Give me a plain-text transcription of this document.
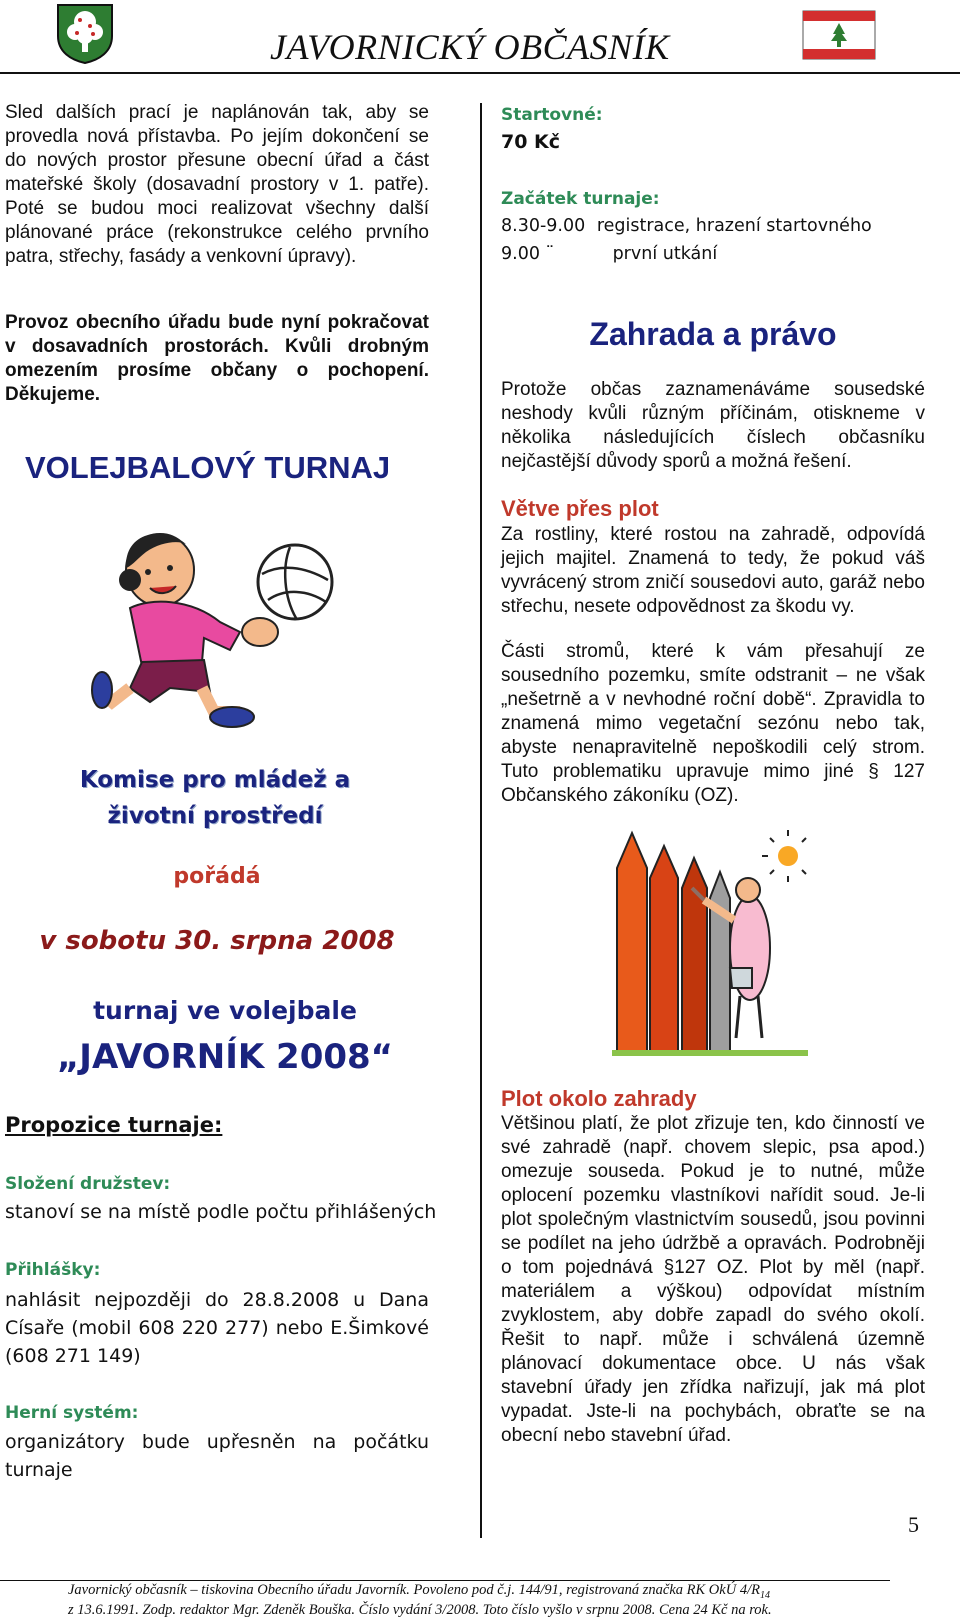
JAVORNICKÝ OBČASNÍK

Sled dalších prací je naplánován tak, aby se provedla nová přístavba. Po jejím dokončení se do nových prostor přesune obecní úřad a část mateřské školy (dosavadní prostory v 1. patře). Poté se budou moci realizovat všechny další plánované práce (rekonstrukce celého prvního patra, střechy, fasády a venkovní úpravy).

Provoz obecního úřadu bude nyní pokračovat v dosavadních prostorách. Kvůli drobným omezením prosíme občany o pochopení. Děkujeme.

VOLEJBALOVÝ TURNAJ
Komise pro mládež a životní prostředí
pořádá
v sobotu 30. srpna 2008
turnaj ve volejbale
„JAVORNÍK 2008“
Propozice turnaje:
Složení družstev:
stanoví se na místě podle počtu přihlášených
Přihlášky:

nahlásit nejpozději do 28.8.2008 u Dana Císaře (mobil 608 220 277) nebo E.Šimkové (608 271 149)

Herní systém:

organizátory bude upřesněn na počátku turnaje

Startovné:
70 Kč
Začátek turnaje:
8.30-9.00 registrace, hrazení startovného
9.00 ¨	první utkání
Zahrada a právo

Protože občas zaznamenáváme sousedské neshody kvůli různým příčinám, otiskneme v několika následujících číslech občasníku nejčastější důvody sporů a možná řešení.

Větve přes plot

Za rostliny, které rostou na zahradě, odpovídá jejich majitel. Znamená to tedy, že pokud váš vyvrácený strom zničí sousedovi auto, garáž nebo střechu, nesete odpovědnost za škodu vy.

Části stromů, které k vám přesahují ze sousedního pozemku, smíte odstranit – ne však „nešetrně a v nevhodné roční době“. Zpravidla to znamená mimo vegetační sezónu nebo tak, abyste nenapravitelně nepoškodili celý strom. Tuto problematiku upravuje mimo jiné § 127 Občanského zákoníku (OZ).

Plot okolo zahrady

Většinou platí, že plot zřizuje ten, kdo činností ve své zahradě (např. chovem slepic, psa apod.) omezuje souseda. Pokud je to nutné, může oplocení pozemku vlastníkovi nařídit soud. Je-li plot společným vlastnictvím sousedů, jsou povinni se podílet na jeho údržbě a opravách. Podrobněji o tom pojednává §127 OZ. Plot by měl (např. materiálem a výškou) odpovídat místním zvyklostem, aby dobře zapadl do svého okolí. Řešit to např. může i schválená územně plánovací dokumentace obce. U nás však stavební úřady jen zřídka nařizují, jak má plot vypadat. Jste-li na pochybách, obraťte se na obecní nebo stavební úřad.

5
Javornický občasník – tiskovina Obecního úřadu Javorník. Povoleno pod č.j. 144/91, registrovaná značka RK OkÚ $4/R_{14}$
z 13.6.1991. Zodp. redaktor Mgr. Zdeněk Bouška. Číslo vydání 3/2008. Toto číslo vyšlo v srpnu 2008. Cena 24 Kč na rok.
